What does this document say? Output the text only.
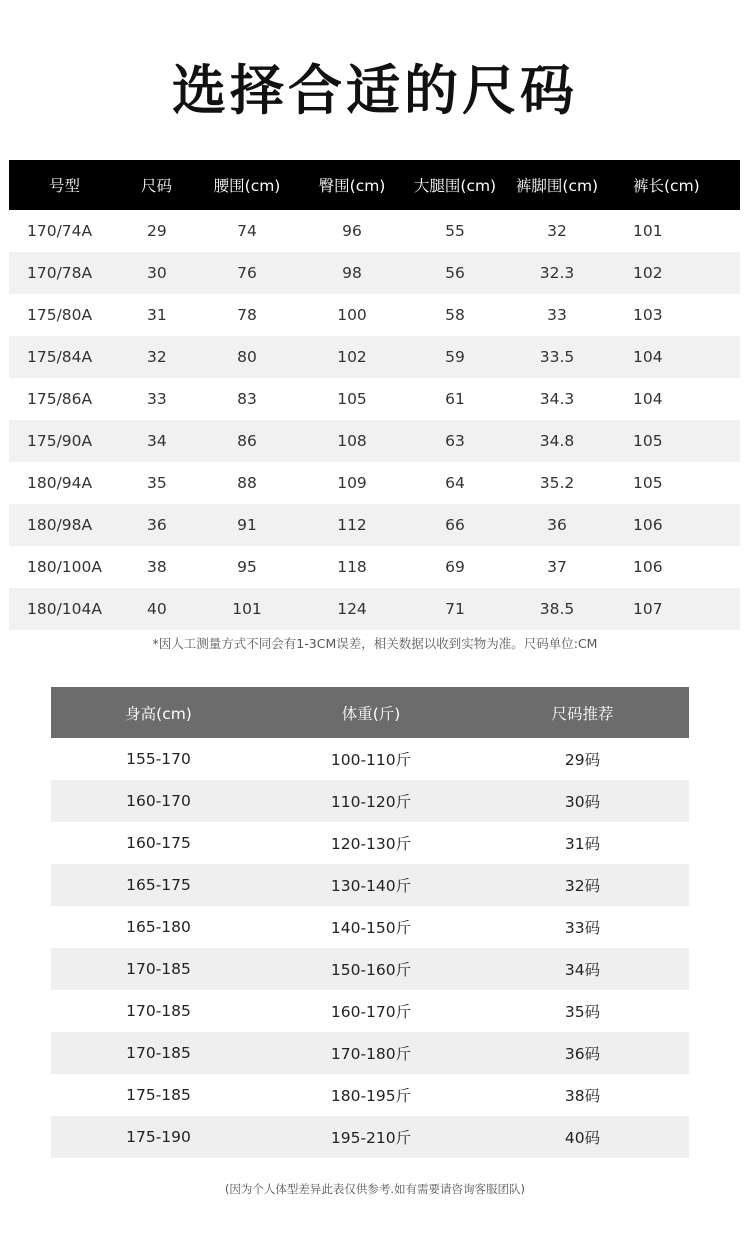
选择合适的尺码
号型	尺码	腰围(cm)	臀围(cm)	大腿围(cm)	裤脚围(cm)	裤长(cm)
170/74A	29	74	96	55	32	101
170/78A	30	76	98	56	32.3	102
175/80A	31	78	100	58	33	103
175/84A	32	80	102	59	33.5	104
175/86A	33	83	105	61	34.3	104
175/90A	34	86	108	63	34.8	105
180/94A	35	88	109	64	35.2	105
180/98A	36	91	112	66	36	106
180/100A	38	95	118	69	37	106
180/104A	40	101	124	71	38.5	107
*因人工测量方式不同会有1-3CM误差，相关数据以收到实物为准。尺码单位:CM
身高(cm)	体重(斤)	尺码推荐
155-170	100-110斤	29码
160-170	110-120斤	30码
160-175	120-130斤	31码
165-175	130-140斤	32码
165-180	140-150斤	33码
170-185	150-160斤	34码
170-185	160-170斤	35码
170-185	170-180斤	36码
175-185	180-195斤	38码
175-190	195-210斤	40码
(因为个人体型差异此表仅供参考.如有需要请咨询客服团队)
